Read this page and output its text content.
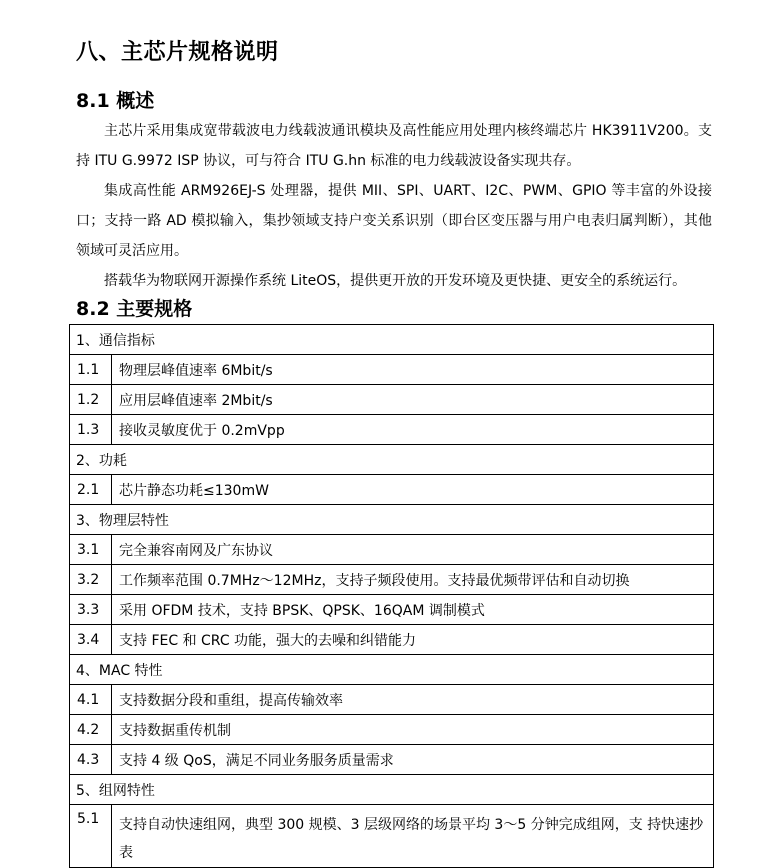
八、主芯片规格说明
8.1 概述

主芯片采用集成宽带载波电力线载波通讯模块及高性能应用处理内核终端芯片 HK3911V200。支持 ITU G.9972 ISP 协议，可与符合 ITU G.hn 标准的电力线载波设备实现共存。

集成高性能 ARM926EJ-S 处理器，提供 MII、SPI、UART、I2C、PWM、GPIO 等丰富的外设接口；支持一路 AD 模拟输入，集抄领域支持户变关系识别（即台区变压器与用户电表归属判断），其他领域可灵活应用。

搭载华为物联网开源操作系统 LiteOS，提供更开放的开发环境及更快捷、更安全的系统运行。

8.2 主要规格
1、通信指标	
1.1	物理层峰值速率 6Mbit/s
1.2	应用层峰值速率 2Mbit/s
1.3	接收灵敏度优于 0.2mVpp
2、功耗	
2.1	芯片静态功耗≤130mW
3、物理层特性	
3.1	完全兼容南网及广东协议
3.2	工作频率范围 0.7MHz～12MHz，支持子频段使用。支持最优频带评估和自动切换
3.3	采用 OFDM 技术，支持 BPSK、QPSK、16QAM 调制模式
3.4	支持 FEC 和 CRC 功能，强大的去噪和纠错能力
4、MAC 特性	
4.1	支持数据分段和重组，提高传输效率
4.2	支持数据重传机制
4.3	支持 4 级 QoS，满足不同业务服务质量需求
5、组网特性	
5.1	支持自动快速组网，典型 300 规模、3 层级网络的场景平均 3～5 分钟完成组网，支 持快速抄表
